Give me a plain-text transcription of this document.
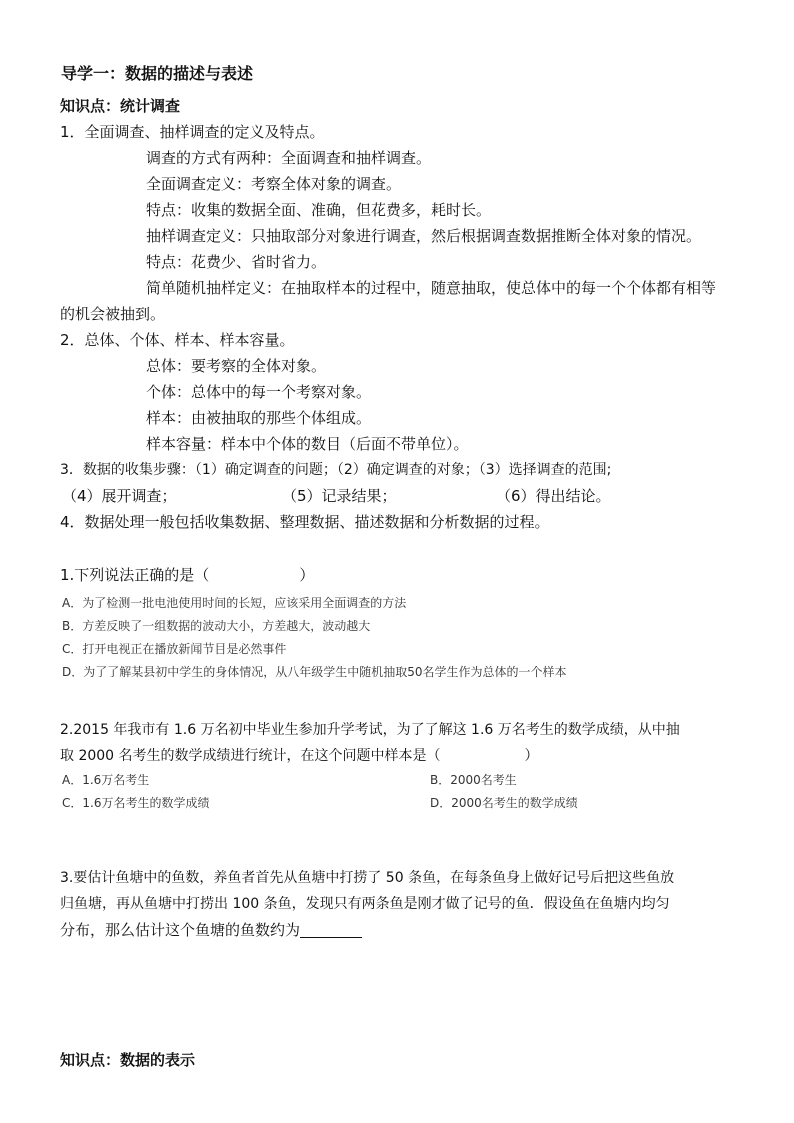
导学一：数据的描述与表述
知识点：统计调查
1．全面调查、抽样调查的定义及特点。
调查的方式有两种：全面调查和抽样调查。
全面调查定义：考察全体对象的调查。
特点：收集的数据全面、准确，但花费多，耗时长。
抽样调查定义：只抽取部分对象进行调查，然后根据调查数据推断全体对象的情况。
特点：花费少、省时省力。
简单随机抽样定义：在抽取样本的过程中，随意抽取，使总体中的每一个个体都有相等
的机会被抽到。
2．总体、个体、样本、样本容量。
总体：要考察的全体对象。
个体：总体中的每一个考察对象。
样本：由被抽取的那些个体组成。
样本容量：样本中个体的数目（后面不带单位）。
3．数据的收集步骤：（1）确定调查的问题；（2）确定调查的对象；（3）选择调查的范围;
（4）展开调查；	（5）记录结果；	（6）得出结论。
4．数据处理一般包括收集数据、整理数据、描述数据和分析数据的过程。
1.下列说法正确的是（　　　　　　）
A．为了检测一批电池使用时间的长短，应该采用全面调查的方法
B．方差反映了一组数据的波动大小，方差越大，波动越大
C．打开电视正在播放新闻节目是必然事件
D．为了了解某县初中学生的身体情况，从八年级学生中随机抽取50名学生作为总体的一个样本
2.2015 年我市有 1.6 万名初中毕业生参加升学考试，为了了解这 1.6 万名考生的数学成绩，从中抽
取 2000 名考生的数学成绩进行统计，在这个问题中样本是（　　　　　　）
A．1.6万名考生	B．2000名考生
C．1.6万名考生的数学成绩	D．2000名考生的数学成绩
3.要估计鱼塘中的鱼数，养鱼者首先从鱼塘中打捞了 50 条鱼，在每条鱼身上做好记号后把这些鱼放
归鱼塘，再从鱼塘中打捞出 100 条鱼，发现只有两条鱼是刚才做了记号的鱼．假设鱼在鱼塘内均匀
分布，那么估计这个鱼塘的鱼数约为
知识点：数据的表示
